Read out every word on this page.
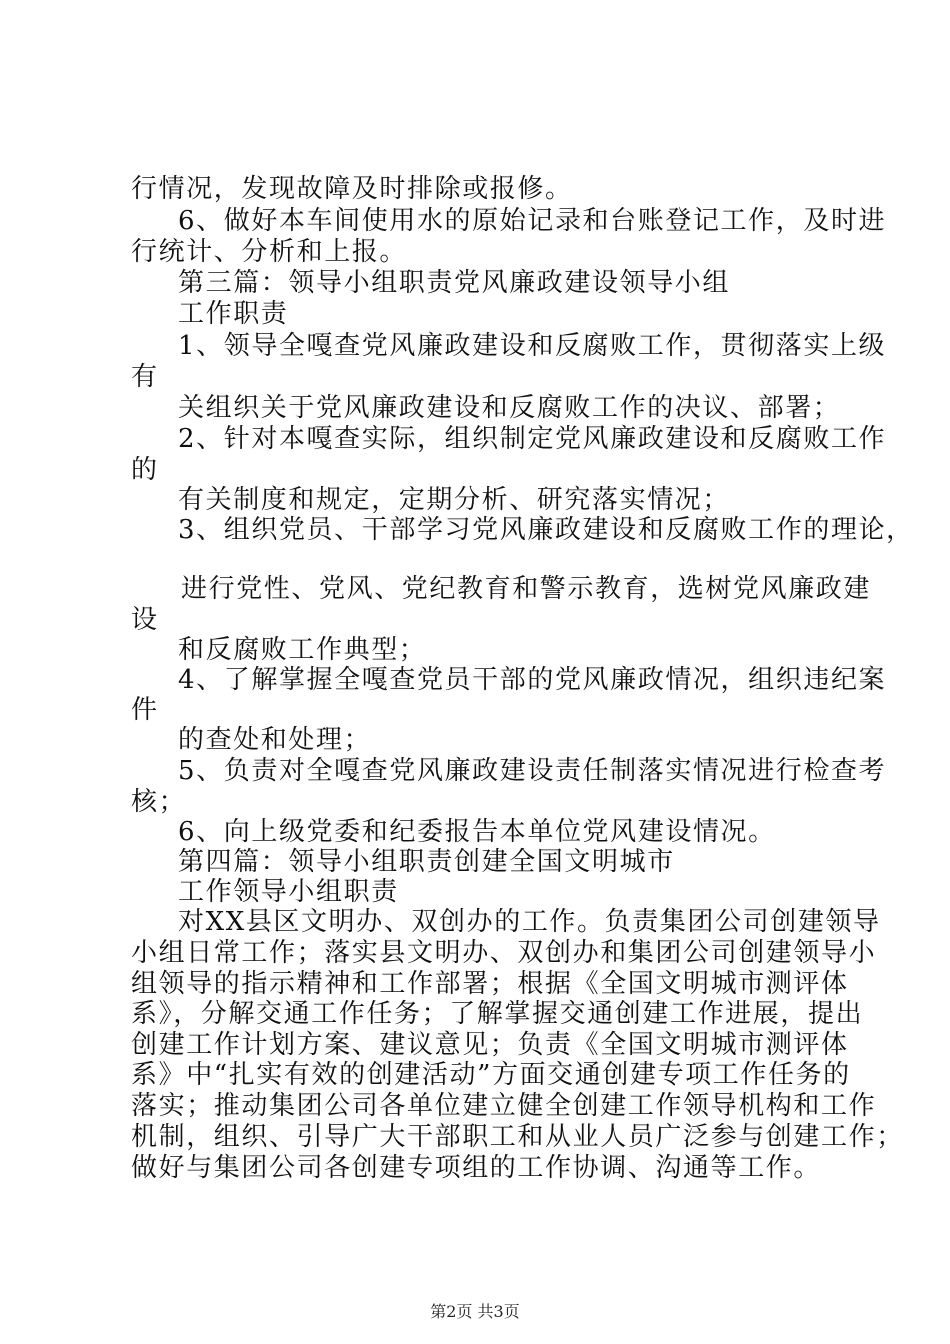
行情况，发现故障及时排除或报修。
6、做好本车间使用水的原始记录和台账登记工作，及时进
行统计、分析和上报。
第三篇：领导小组职责党风廉政建设领导小组
工作职责
1、领导全嘎查党风廉政建设和反腐败工作，贯彻落实上级
有
关组织关于党风廉政建设和反腐败工作的决议、部署；
2、针对本嘎查实际，组织制定党风廉政建设和反腐败工作
的
有关制度和规定，定期分析、研究落实情况；
3、组织党员、干部学习党风廉政建设和反腐败工作的理论，
进行党性、党风、党纪教育和警示教育，选树党风廉政建
设
和反腐败工作典型；
4、了解掌握全嘎查党员干部的党风廉政情况，组织违纪案
件
的查处和处理；
5、负责对全嘎查党风廉政建设责任制落实情况进行检查考
核；
6、向上级党委和纪委报告本单位党风建设情况。
第四篇：领导小组职责创建全国文明城市
工作领导小组职责
对XX县区文明办、双创办的工作。负责集团公司创建领导
小组日常工作；落实县文明办、双创办和集团公司创建领导小
组领导的指示精神和工作部署；根据《全国文明城市测评体
系》，分解交通工作任务；了解掌握交通创建工作进展，提出
创建工作计划方案、建议意见；负责《全国文明城市测评体
系》中“扎实有效的创建活动”方面交通创建专项工作任务的
落实；推动集团公司各单位建立健全创建工作领导机构和工作
机制，组织、引导广大干部职工和从业人员广泛参与创建工作；
做好与集团公司各创建专项组的工作协调、沟通等工作。
第2页 共3页
